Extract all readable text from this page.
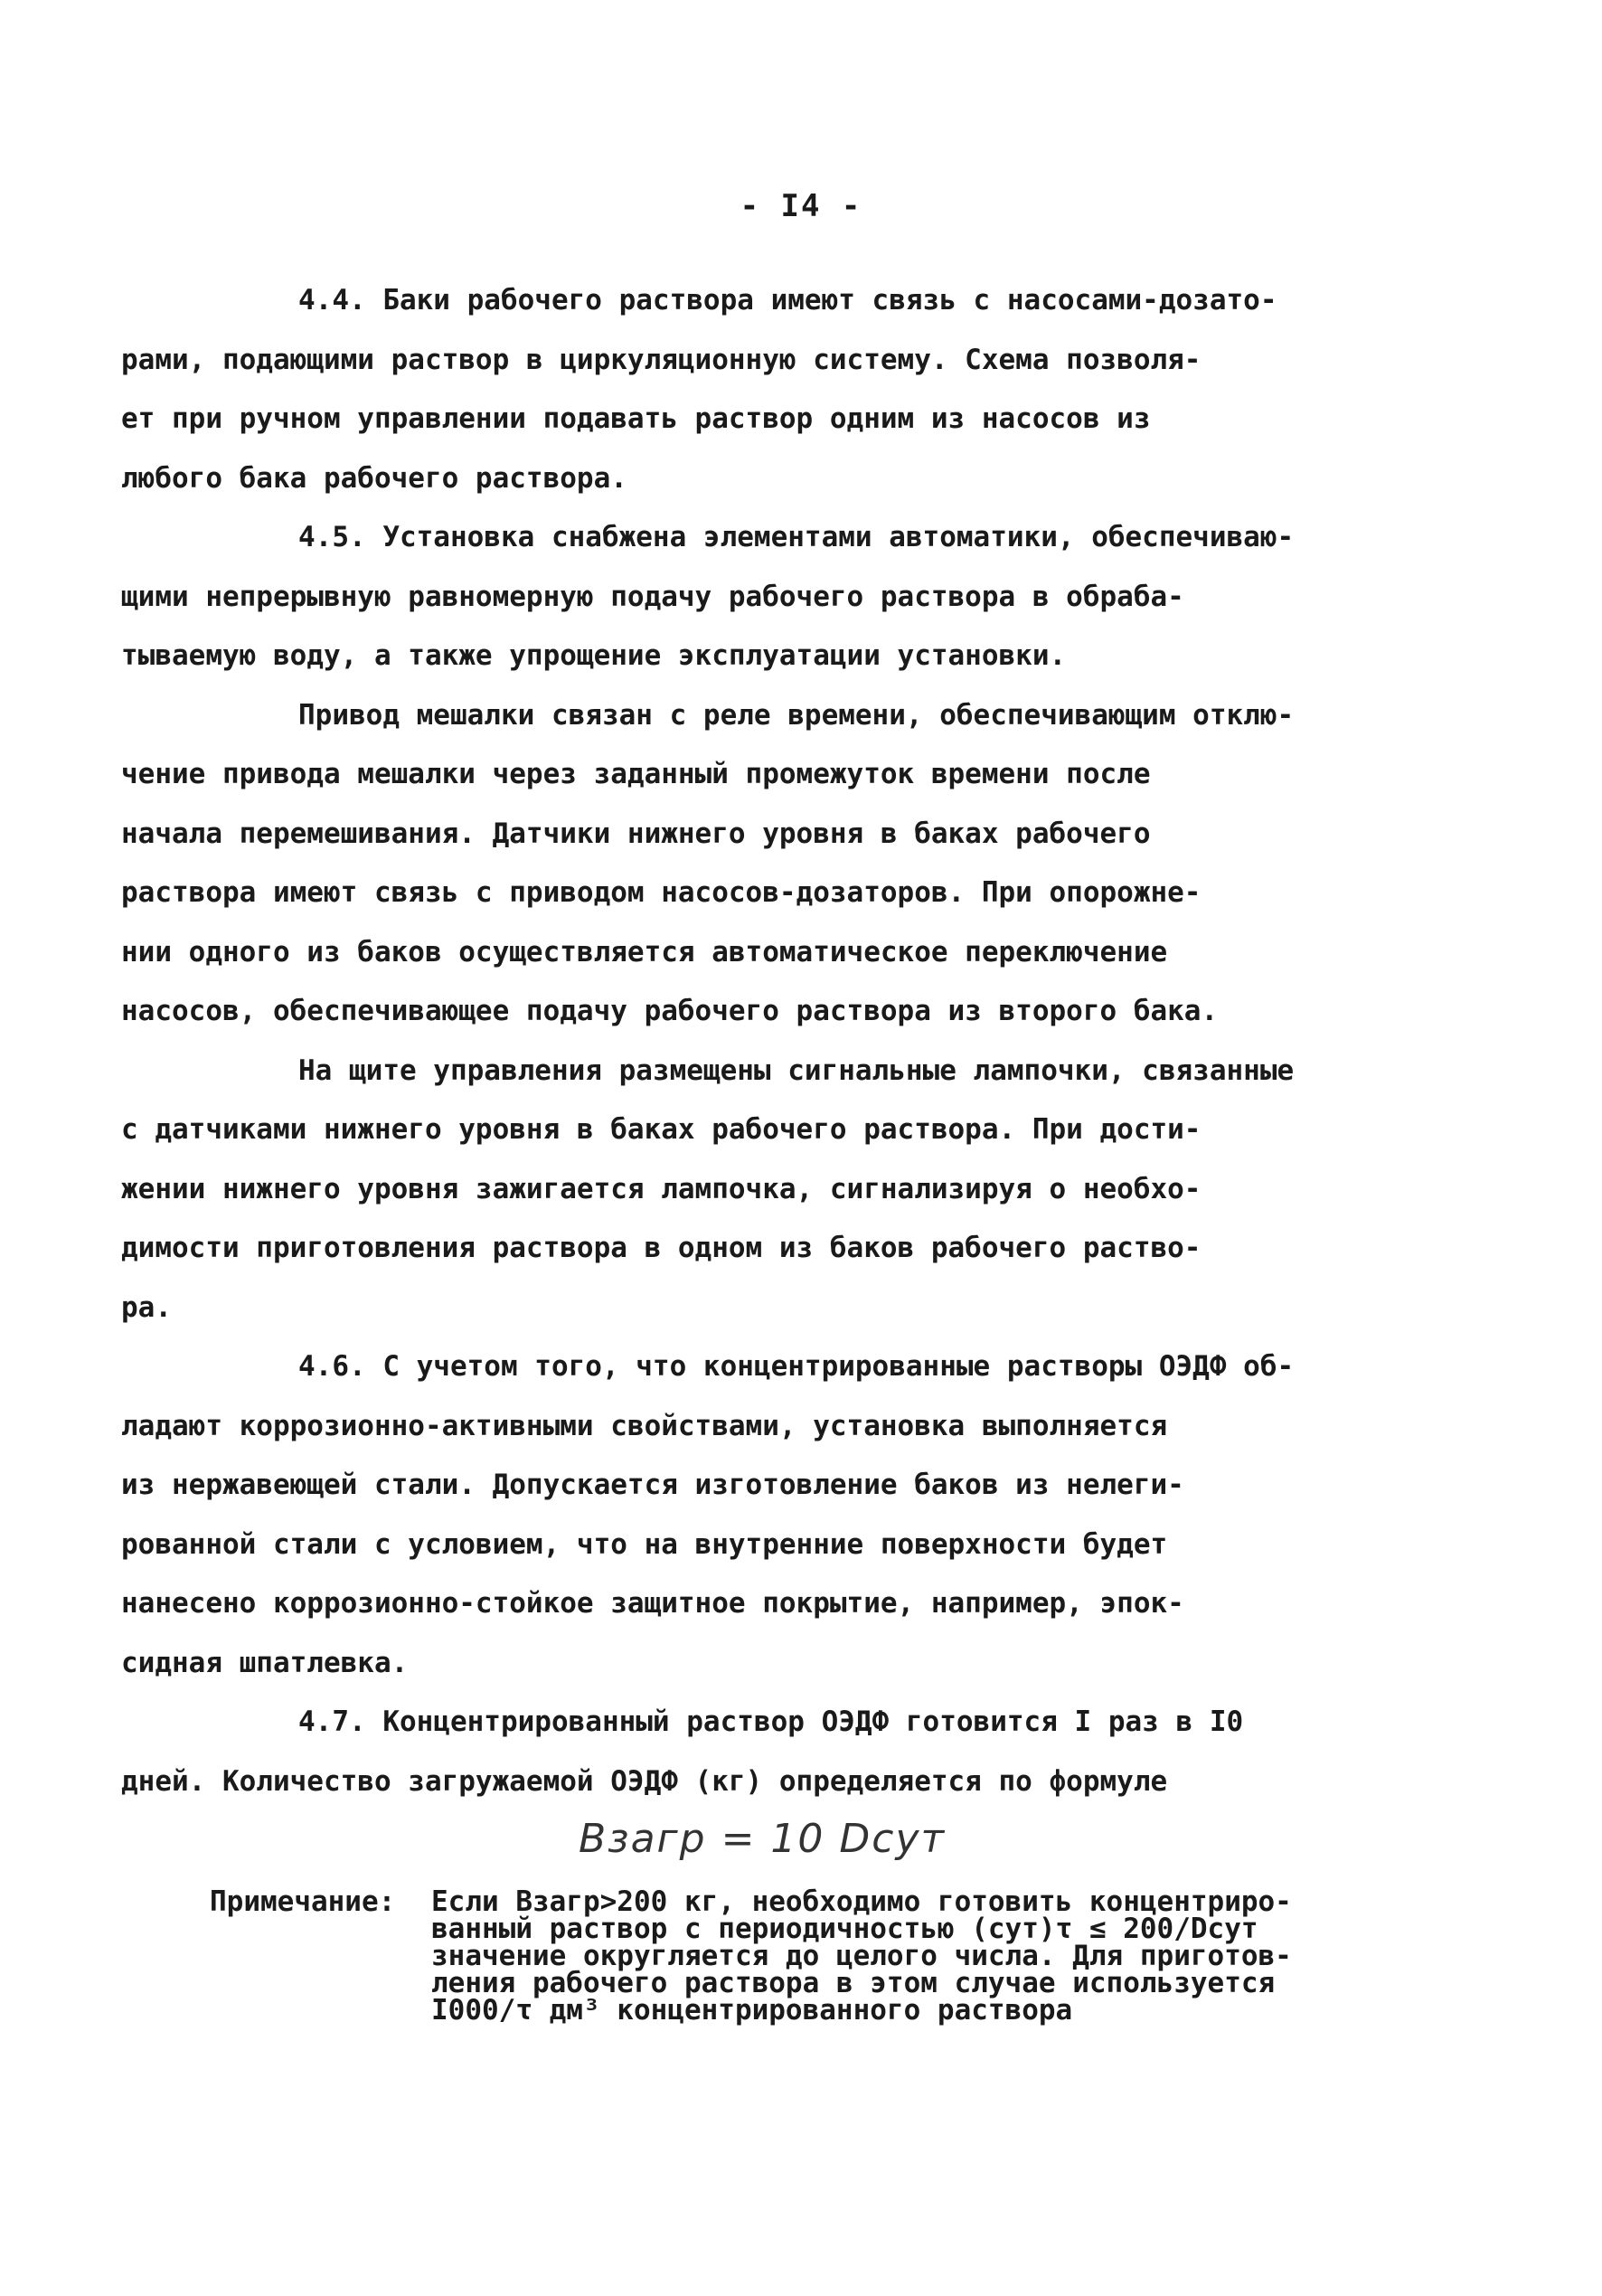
- I4 -
4.4. Баки рабочего раствора имеют связь с насосами-дозато-
рами, подающими раствор в циркуляционную систему. Схема позволя-
ет при ручном управлении подавать раствор одним из насосов из
любого бака рабочего раствора.
4.5. Установка снабжена элементами автоматики, обеспечиваю-
щими непрерывную равномерную подачу рабочего раствора в обраба-
тываемую воду, а также упрощение эксплуатации установки.
Привод мешалки связан с реле времени, обеспечивающим отклю-
чение привода мешалки через заданный промежуток времени после
начала перемешивания. Датчики нижнего уровня в баках рабочего
раствора имеют связь с приводом насосов-дозаторов. При опорожне-
нии одного из баков осуществляется автоматическое переключение
насосов, обеспечивающее подачу рабочего раствора из второго бака.
На щите управления размещены сигнальные лампочки, связанные
с датчиками нижнего уровня в баках рабочего раствора. При дости-
жении нижнего уровня зажигается лампочка, сигнализируя о необхо-
димости приготовления раствора в одном из баков рабочего раство-
ра.
4.6. С учетом того, что концентрированные растворы ОЭДФ об-
ладают коррозионно-активными свойствами, установка выполняется
из нержавеющей стали. Допускается изготовление баков из нелеги-
рованной стали с условием, что на внутренние поверхности будет
нанесено коррозионно-стойкое защитное покрытие, например, эпок-
сидная шпатлевка.
4.7. Концентрированный раствор ОЭДФ готовится I раз в I0
дней. Количество загружаемой ОЭДФ (кг) определяется по формуле
Bзагр = 10 Dсут
Примечание: Если Bзагр>200 кг, необходимо готовить концентриро-
ванный раствор с периодичностью (сут)τ ≤ 200/Dсут
значение округляется до целого числа. Для приготов-
ления рабочего раствора в этом случае используется
I000/τ дм³ концентрированного раствора
